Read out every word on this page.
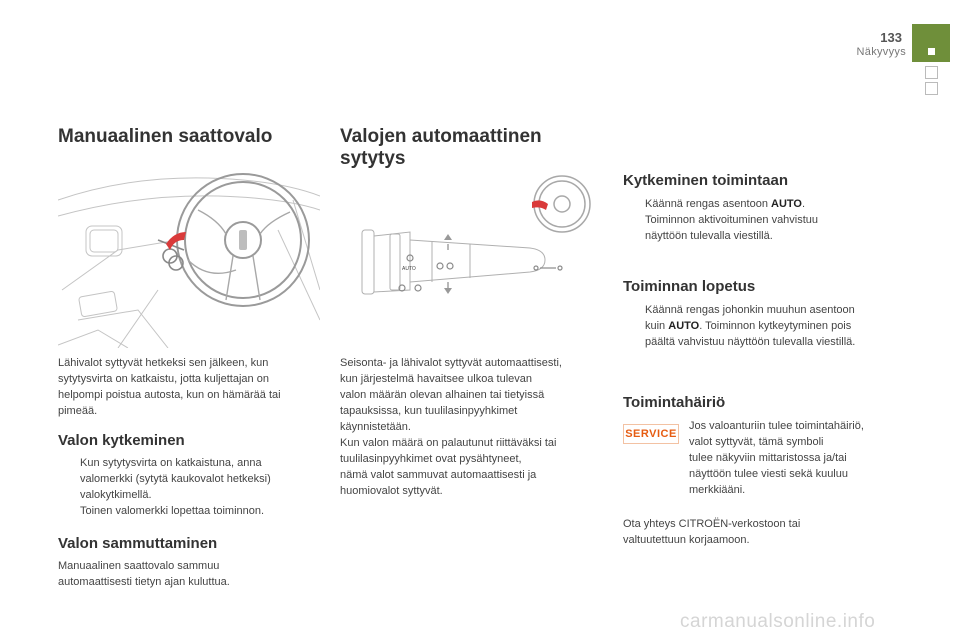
133
Näkyvyys
Manuaalinen saattovalo

Lähivalot syttyvät hetkeksi sen jälkeen, kun

sytytysvirta on katkaistu, jotta kuljettajan on

helpompi poistua autosta, kun on hämärää tai

pimeää.

Valon kytkeminen
Kun sytytysvirta on katkaistuna, anna
valomerkki (sytytä kaukovalot hetkeksi)
valokytkimellä.
Toinen valomerkki lopettaa toiminnon.
Valon sammuttaminen

Manuaalinen saattovalo sammuu

automaattisesti tietyn ajan kuluttua.

Valojen automaattinen
sytytys
AUTO

Seisonta- ja lähivalot syttyvät automaattisesti,

kun järjestelmä havaitsee ulkoa tulevan

valon määrän olevan alhainen tai tietyissä

tapauksissa, kun tuulilasinpyyhkimet

käynnistetään.

Kun valon määrä on palautunut riittäväksi tai

tuulilasinpyyhkimet ovat pysähtyneet,

nämä valot sammuvat automaattisesti ja

huomiovalot syttyvät.

Kytkeminen toimintaan
Käännä rengas asentoon AUTO.
Toiminnon aktivoituminen vahvistuu
näyttöön tulevalla viestillä.
Toiminnan lopetus
Käännä rengas johonkin muuhun asentoon
kuin AUTO. Toiminnon kytkeytyminen pois
päältä vahvistuu näyttöön tulevalla viestillä.
Toimintahäiriö
SERVICE

Jos valoanturiin tulee toimintahäiriö,

valot syttyvät, tämä symboli

tulee näkyviin mittaristossa ja/tai

näyttöön tulee viesti sekä kuuluu

merkkiääni.

Ota yhteys CITROËN-verkostoon tai

valtuutettuun korjaamoon.

carmanualsonline.info
